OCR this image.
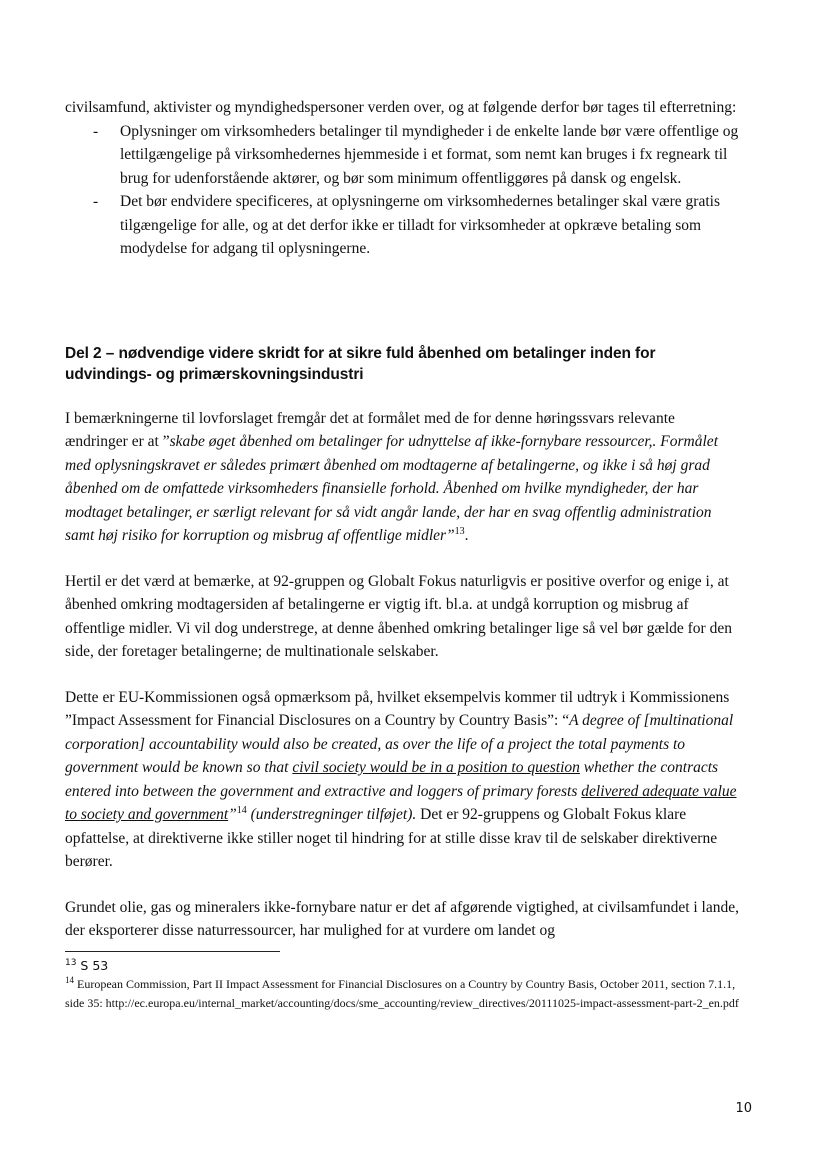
civilsamfund, aktivister og myndighedspersoner verden over, og at følgende derfor bør tages til efterretning:

- Oplysninger om virksomheders betalinger til myndigheder i de enkelte lande bør være offentlige og lettilgængelige på virksomhedernes hjemmeside i et format, som nemt kan bruges i fx regneark til brug for udenforstående aktører, og bør som minimum offentliggøres på dansk og engelsk.
- Det bør endvidere specificeres, at oplysningerne om virksomhedernes betalinger skal være gratis tilgængelige for alle, og at det derfor ikke er tilladt for virksomheder at opkræve betaling som modydelse for adgang til oplysningerne.
Del 2 – nødvendige videre skridt for at sikre fuld åbenhed om betalinger inden for udvindings- og primærskovningsindustri

I bemærkningerne til lovforslaget fremgår det at formålet med de for denne høringssvars relevante ændringer er at ”skabe øget åbenhed om betalinger for udnyttelse af ikke-fornybare ressourcer,. Formålet med oplysningskravet er således primært åbenhed om modtagerne af betalingerne, og ikke i så høj grad åbenhed om de omfattede virksomheders finansielle forhold. Åbenhed om hvilke myndigheder, der har modtaget betalinger, er særligt relevant for så vidt angår lande, der har en svag offentlig administration samt høj risiko for korruption og misbrug af offentlige midler”$^{13}$.

Hertil er det værd at bemærke, at 92-gruppen og Globalt Fokus naturligvis er positive overfor og enige i, at åbenhed omkring modtagersiden af betalingerne er vigtig ift. bl.a. at undgå korruption og misbrug af offentlige midler. Vi vil dog understrege, at denne åbenhed omkring betalinger lige så vel bør gælde for den side, der foretager betalingerne; de multinationale selskaber.

Dette er EU-Kommissionen også opmærksom på, hvilket eksempelvis kommer til udtryk i Kommissionens ”Impact Assessment for Financial Disclosures on a Country by Country Basis”: “A degree of [multinational corporation] accountability would also be created, as over the life of a project the total payments to government would be known so that civil society would be in a position to question whether the contracts entered into between the government and extractive and loggers of primary forests delivered adequate value to society and government”$^{14}$ (understregninger tilføjet). Det er 92-gruppens og Globalt Fokus klare opfattelse, at direktiverne ikke stiller noget til hindring for at stille disse krav til de selskaber direktiverne berører.

Grundet olie, gas og mineralers ikke-fornybare natur er det af afgørende vigtighed, at civilsamfundet i lande, der eksporterer disse naturressourcer, har mulighed for at vurdere om landet og

$^{13}$ S 53
$^{14}$ European Commission, Part II Impact Assessment for Financial Disclosures on a Country by Country Basis, October 2011, section 7.1.1, side 35: http://ec.europa.eu/internal_market/accounting/docs/sme_accounting/review_directives/20111025-impact-assessment-part-2_en.pdf
10
